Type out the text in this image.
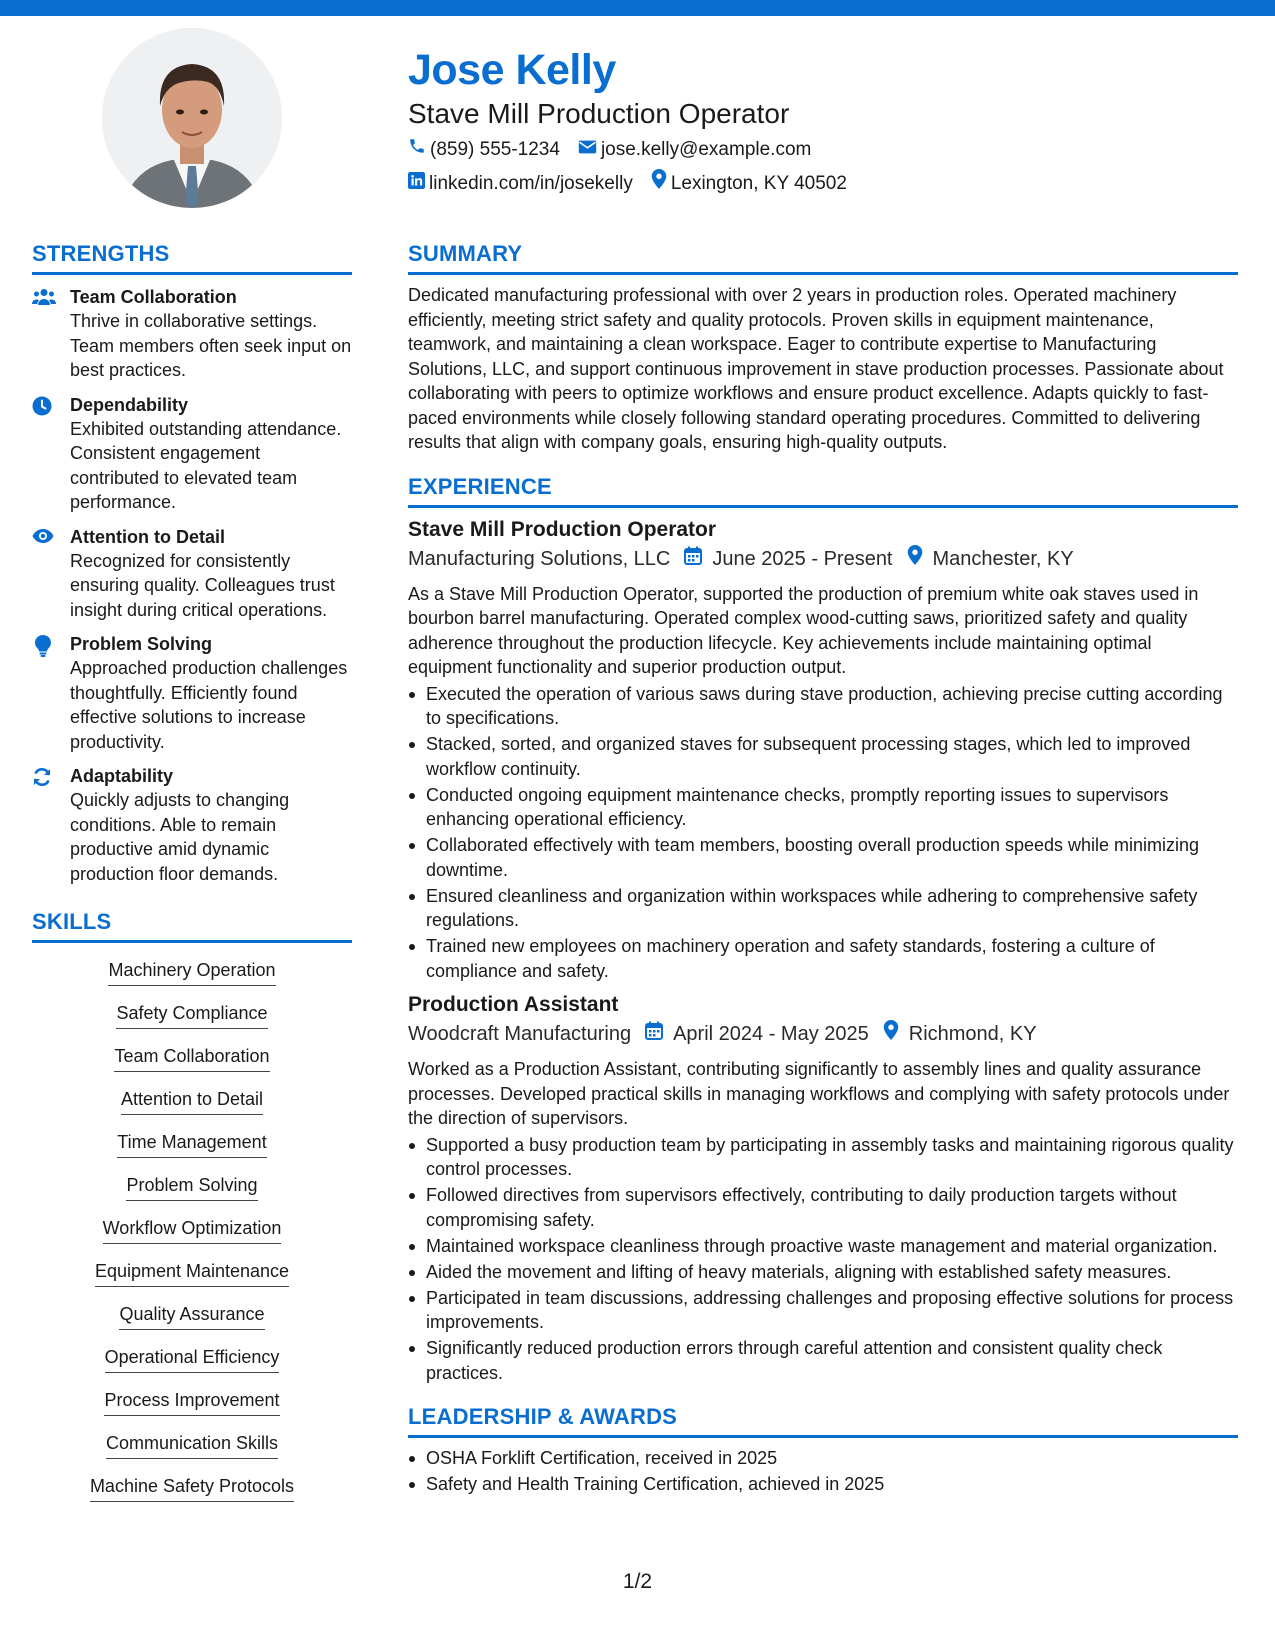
Jose Kelly
Stave Mill Production Operator
(859) 555-1234 jose.kelly@example.com
linkedin.com/in/josekelly Lexington, KY 40502
STRENGTHS
Team Collaboration
Thrive in collaborative settings. Team members often seek input on best practices.
Dependability
Exhibited outstanding attendance. Consistent engagement contributed to elevated team performance.
Attention to Detail
Recognized for consistently ensuring quality. Colleagues trust insight during critical operations.
Problem Solving
Approached production challenges thoughtfully. Efficiently found effective solutions to increase productivity.
Adaptability
Quickly adjusts to changing conditions. Able to remain productive amid dynamic production floor demands.
SKILLS
Machinery Operation
Safety Compliance
Team Collaboration
Attention to Detail
Time Management
Problem Solving
Workflow Optimization
Equipment Maintenance
Quality Assurance
Operational Efficiency
Process Improvement
Communication Skills
Machine Safety Protocols
SUMMARY
Dedicated manufacturing professional with over 2 years in production roles. Operated machinery efficiently, meeting strict safety and quality protocols. Proven skills in equipment maintenance, teamwork, and maintaining a clean workspace. Eager to contribute expertise to Manufacturing Solutions, LLC, and support continuous improvement in stave production processes. Passionate about collaborating with peers to optimize workflows and ensure product excellence. Adapts quickly to fast-paced environments while closely following standard operating procedures. Committed to delivering results that align with company goals, ensuring high-quality outputs.
EXPERIENCE
Stave Mill Production Operator
Manufacturing Solutions, LLC June 2025 - Present Manchester, KY
As a Stave Mill Production Operator, supported the production of premium white oak staves used in bourbon barrel manufacturing. Operated complex wood-cutting saws, prioritized safety and quality adherence throughout the production lifecycle. Key achievements include maintaining optimal equipment functionality and superior production output.
Executed the operation of various saws during stave production, achieving precise cutting according to specifications.
Stacked, sorted, and organized staves for subsequent processing stages, which led to improved workflow continuity.
Conducted ongoing equipment maintenance checks, promptly reporting issues to supervisors enhancing operational efficiency.
Collaborated effectively with team members, boosting overall production speeds while minimizing downtime.
Ensured cleanliness and organization within workspaces while adhering to comprehensive safety regulations.
Trained new employees on machinery operation and safety standards, fostering a culture of compliance and safety.
Production Assistant
Woodcraft Manufacturing April 2024 - May 2025 Richmond, KY
Worked as a Production Assistant, contributing significantly to assembly lines and quality assurance processes. Developed practical skills in managing workflows and complying with safety protocols under the direction of supervisors.
Supported a busy production team by participating in assembly tasks and maintaining rigorous quality control processes.
Followed directives from supervisors effectively, contributing to daily production targets without compromising safety.
Maintained workspace cleanliness through proactive waste management and material organization.
Aided the movement and lifting of heavy materials, aligning with established safety measures.
Participated in team discussions, addressing challenges and proposing effective solutions for process improvements.
Significantly reduced production errors through careful attention and consistent quality check practices.
LEADERSHIP & AWARDS
OSHA Forklift Certification, received in 2025
Safety and Health Training Certification, achieved in 2025
1/2
